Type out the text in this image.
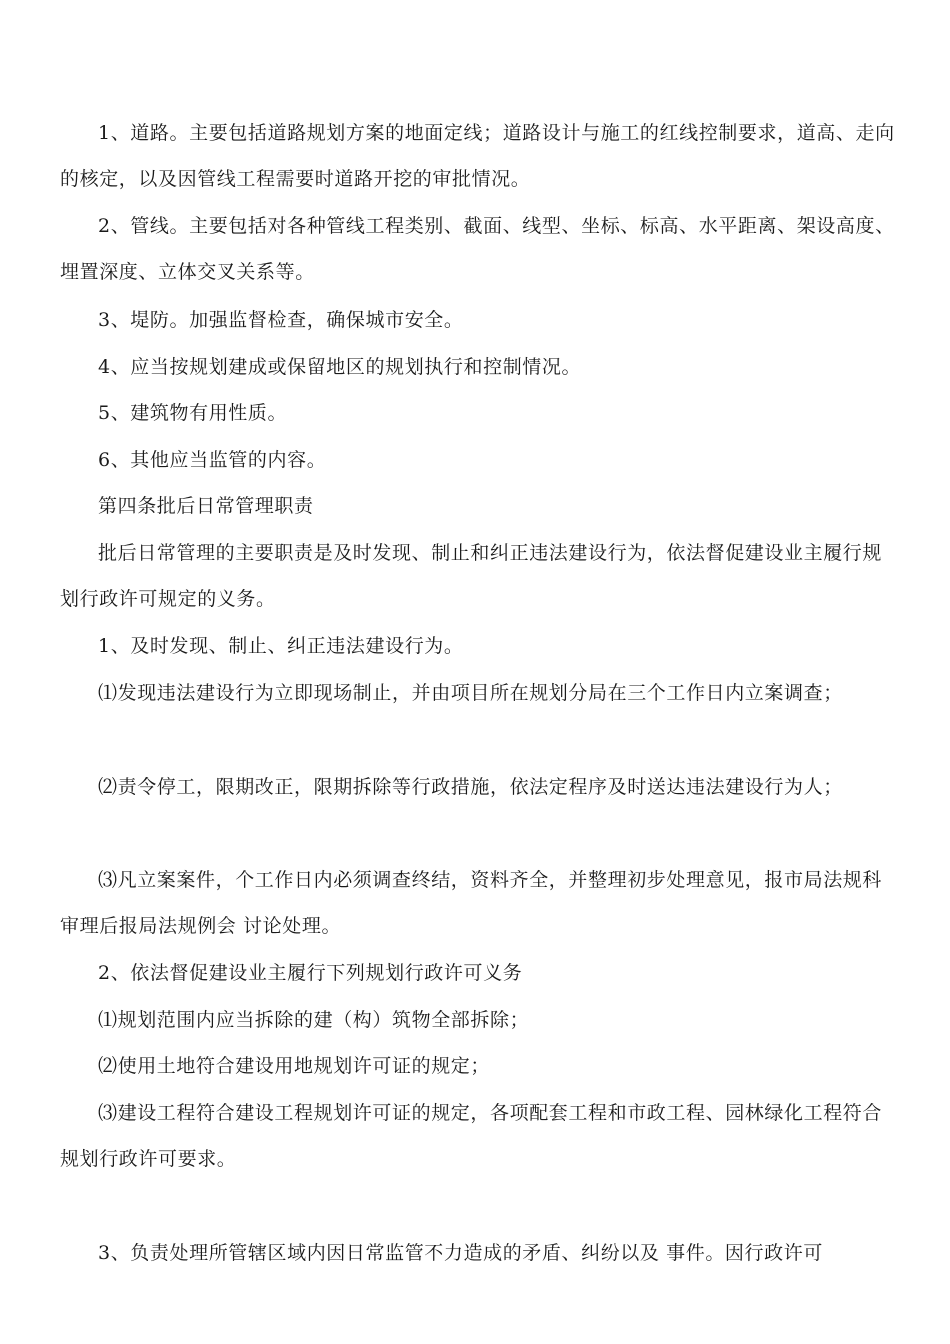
1、道路。主要包括道路规划方案的地面定线；道路设计与施工的红线控制要求，道高、走向的核定，以及因管线工程需要时道路开挖的审批情况。

2、管线。主要包括对各种管线工程类别、截面、线型、坐标、标高、水平距离、架设高度、埋置深度、立体交叉关系等。

3、堤防。加强监督检查，确保城市安全。

4、应当按规划建成或保留地区的规划执行和控制情况。

5、建筑物有用性质。

6、其他应当监管的内容。

第四条批后日常管理职责

批后日常管理的主要职责是及时发现、制止和纠正违法建设行为，依法督促建设业主履行规划行政许可规定的义务。

1、及时发现、制止、纠正违法建设行为。

⑴发现违法建设行为立即现场制止，并由项目所在规划分局在三个工作日内立案调查；

⑵责令停工，限期改正，限期拆除等行政措施，依法定程序及时送达违法建设行为人；

⑶凡立案案件，个工作日内必须调查终结，资料齐全，并整理初步处理意见，报市局法规科审理后报局法规例会 讨论处理。

2、依法督促建设业主履行下列规划行政许可义务

⑴规划范围内应当拆除的建（构）筑物全部拆除；

⑵使用土地符合建设用地规划许可证的规定；

⑶建设工程符合建设工程规划许可证的规定，各项配套工程和市政工程、园林绿化工程符合规划行政许可要求。

3、负责处理所管辖区域内因日常监管不力造成的矛盾、纠纷以及 事件。因行政许可
